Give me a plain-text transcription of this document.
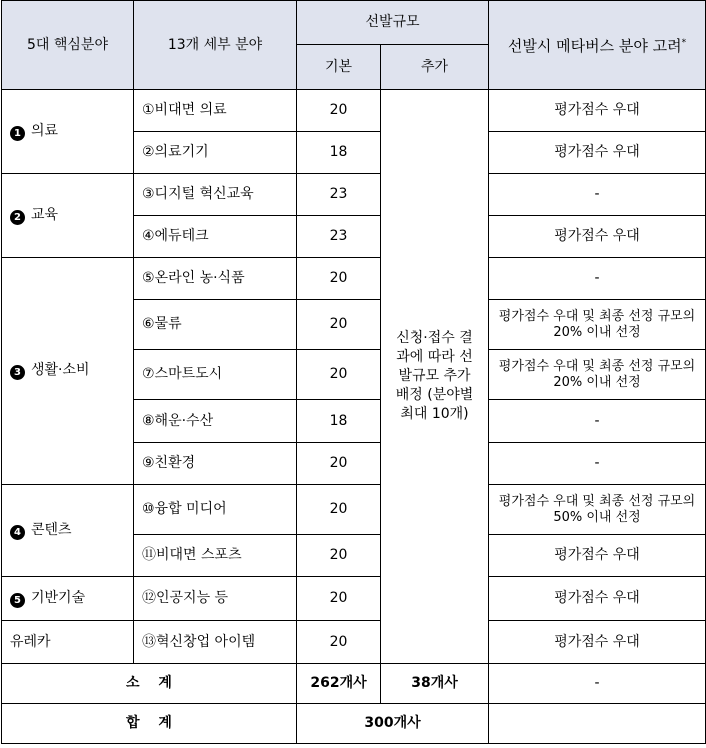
5대 핵심분야	13개 세부 분야	선발규모		선발시 메타버스 분야 고려*
		기본	추가	
1 의료	①비대면 의료	20	신청·접수 결과에 따라 선발규모 추가 배정 (분야별 최대 10개)	평가점수 우대
	②의료기기	18		평가점수 우대
2 교육	③디지털 혁신교육	23		-
	④에듀테크	23		평가점수 우대
3 생활·소비	⑤온라인 농·식품	20		-
	⑥물류	20		평가점수 우대 및 최종 선정 규모의 20% 이내 선정
	⑦스마트도시	20		평가점수 우대 및 최종 선정 규모의 20% 이내 선정
	⑧해운·수산	18		-
	⑨친환경	20		-
4 콘텐츠	⑩융합 미디어	20		평가점수 우대 및 최종 선정 규모의 50% 이내 선정
	⑪비대면 스포츠	20		평가점수 우대
5 기반기술	⑫인공지능 등	20		평가점수 우대
유레카	⑬혁신창업 아이템	20		평가점수 우대
소 계		262개사	38개사	-
합 계		300개사		
